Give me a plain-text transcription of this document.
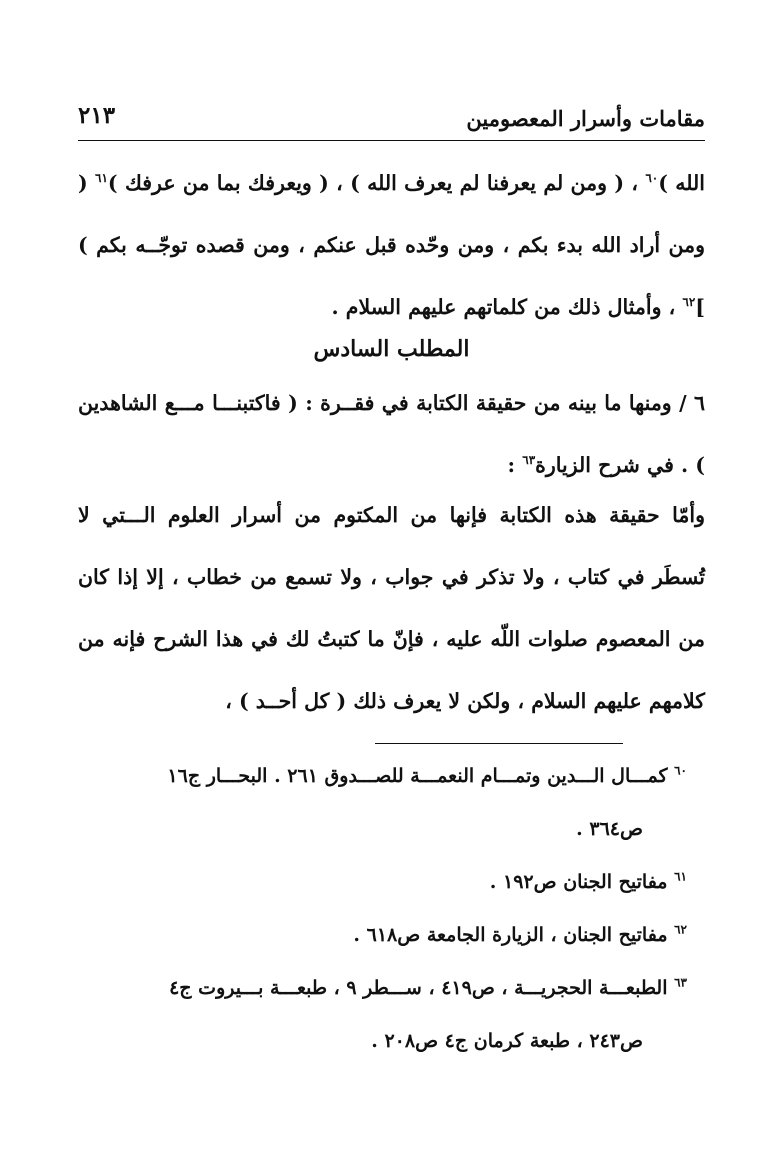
مقامات وأسرار المعصومين
٢١٣
الله )$^{٦٠}$ ، ( ومن لم يعرفنا لم يعرف الله ) ، ( ويعرفك بما من عرفك )$^{٦١}$ ( ومن أراد الله بدء بكم ، ومن وحّده قبل عنكم ، ومن قصده توجّــه بكم ) ]$^{٦٢}$ ، وأمثال ذلك من كلماتهم عليهم السلام .
المطلب السادس
٦ / ومنها ما بينه من حقيقة الكتابة في فقــرة : ( فاكتبنـــا مـــع الشاهدين ) . في شرح الزيارة$^{٦٣}$ :
وأمّا حقيقة هذه الكتابة فإنها من المكتوم من أسرار العلوم الـــتي لا تُسطَر في كتاب ، ولا تذكر في جواب ، ولا تسمع من خطاب ، إلا إذا كان من المعصوم صلوات اللّه عليه ، فإنّ ما كتبتُ لك في هذا الشرح فإنه من كلامهم عليهم السلام ، ولكن لا يعرف ذلك ( كل أحــد ) ،

$^{٦٠}$ كمـــال الـــدين وتمـــام النعمـــة للصـــدوق ٢٦١ . البحـــار ج١٦

ص٣٦٤ .

$^{٦١}$ مفاتيح الجنان ص١٩٢ .

$^{٦٢}$ مفاتيح الجنان ، الزيارة الجامعة ص٦١٨ .

$^{٦٣}$ الطبعـــة الحجريـــة ، ص٤١٩ ، ســـطر ٩ ، طبعـــة بـــيروت ج٤

ص٢٤٣ ، طبعة كرمان ج٤ ص٢٠٨ .
